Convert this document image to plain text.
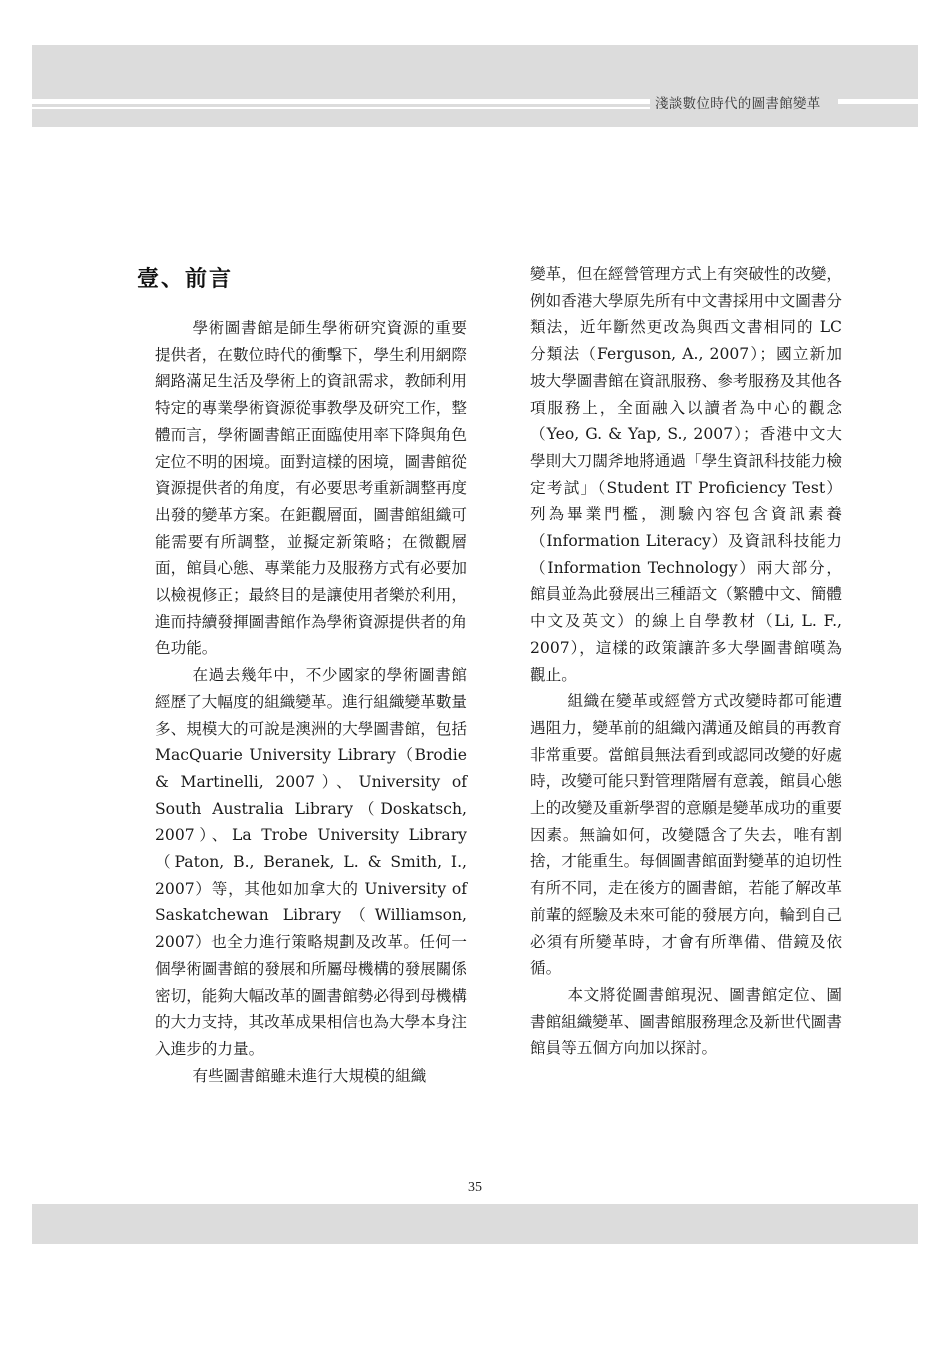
淺談數位時代的圖書館變革
壹、前言

學術圖書館是師生學術研究資源的重要提供者，在數位時代的衝擊下，學生利用網際網路滿足生活及學術上的資訊需求，教師利用特定的專業學術資源從事教學及研究工作，整體而言，學術圖書館正面臨使用率下降與角色定位不明的困境。面對這樣的困境，圖書館從資源提供者的角度，有必要思考重新調整再度出發的變革方案。在鉅觀層面，圖書館組織可能需要有所調整，並擬定新策略；在微觀層面，館員心態、專業能力及服務方式有必要加以檢視修正；最終目的是讓使用者樂於利用，進而持續發揮圖書館作為學術資源提供者的角色功能。

在過去幾年中，不少國家的學術圖書館經歷了大幅度的組織變革。進行組織變革數量多、規模大的可說是澳洲的大學圖書館，包括 MacQuarie University Library（Brodie & Martinelli, 2007）、University of South Australia Library（Doskatsch, 2007）、La Trobe University Library（Paton, B., Beranek, L. & Smith, I., 2007）等，其他如加拿大的 University of Saskatchewan Library（Williamson, 2007）也全力進行策略規劃及改革。任何一個學術圖書館的發展和所屬母機構的發展關係密切，能夠大幅改革的圖書館勢必得到母機構的大力支持，其改革成果相信也為大學本身注入進步的力量。

有些圖書館雖未進行大規模的組織

變革，但在經營管理方式上有突破性的改變，例如香港大學原先所有中文書採用中文圖書分類法，近年斷然更改為與西文書相同的 LC 分類法（Ferguson, A., 2007）；國立新加坡大學圖書館在資訊服務、參考服務及其他各項服務上，全面融入以讀者為中心的觀念（Yeo, G. & Yap, S., 2007）；香港中文大學則大刀闊斧地將通過「學生資訊科技能力檢定考試」（Student IT Proficiency Test）列為畢業門檻，測驗內容包含資訊素養（Information Literacy）及資訊科技能力（Information Technology）兩大部分，館員並為此發展出三種語文（繁體中文、簡體中文及英文）的線上自學教材（Li, L. F., 2007），這樣的政策讓許多大學圖書館嘆為觀止。

組織在變革或經營方式改變時都可能遭遇阻力，變革前的組織內溝通及館員的再教育非常重要。當館員無法看到或認同改變的好處時，改變可能只對管理階層有意義，館員心態上的改變及重新學習的意願是變革成功的重要因素。無論如何，改變隱含了失去，唯有割捨，才能重生。每個圖書館面對變革的迫切性有所不同，走在後方的圖書館，若能了解改革前輩的經驗及未來可能的發展方向，輪到自己必須有所變革時，才會有所準備、借鏡及依循。

本文將從圖書館現況、圖書館定位、圖書館組織變革、圖書館服務理念及新世代圖書館員等五個方向加以探討。

35
